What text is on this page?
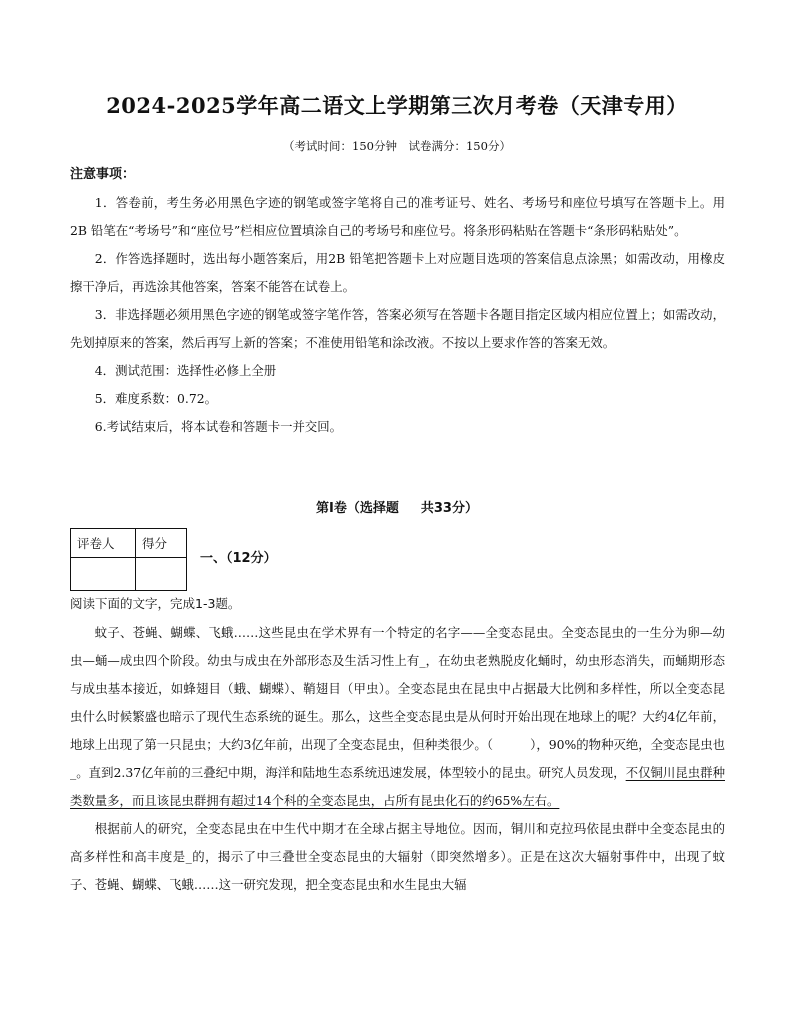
2024-2025学年高二语文上学期第三次月考卷（天津专用）
（考试时间：150分钟　试卷满分：150分）
注意事项：

1．答卷前，考生务必用黑色字迹的钢笔或签字笔将自己的准考证号、姓名、考场号和座位号填写在答题卡上。用 2B 铅笔在“考场号”和“座位号”栏相应位置填涂自己的考场号和座位号。将条形码粘贴在答题卡“条形码粘贴处”。

2．作答选择题时，选出每小题答案后，用2B 铅笔把答题卡上对应题目选项的答案信息点涂黑；如需改动，用橡皮擦干净后，再选涂其他答案，答案不能答在试卷上。

3．非选择题必须用黑色字迹的钢笔或签字笔作答，答案必须写在答题卡各题目指定区域内相应位置上；如需改动，先划掉原来的答案，然后再写上新的答案；不准使用铅笔和涂改液。不按以上要求作答的答案无效。

4．测试范围：选择性必修上全册

5．难度系数：0.72。

6.考试结束后，将本试卷和答题卡一并交回。

第Ⅰ卷（选择题 共33分）
评卷人	得分

一、（12分）
阅读下面的文字，完成1-3题。

蚊子、苍蝇、蝴蝶、飞蛾……这些昆虫在学术界有一个特定的名字——全变态昆虫。全变态昆虫的一生分为卵—幼虫—蛹—成虫四个阶段。幼虫与成虫在外部形态及生活习性上有_，在幼虫老熟脱皮化蛹时，幼虫形态消失，而蛹期形态与成虫基本接近，如蜂翅目（蛾、蝴蝶）、鞘翅目（甲虫）。全变态昆虫在昆虫中占据最大比例和多样性，所以全变态昆虫什么时候繁盛也暗示了现代生态系统的诞生。那么，这些全变态昆虫是从何时开始出现在地球上的呢？大约4亿年前，地球上出现了第一只昆虫；大约3亿年前，出现了全变态昆虫，但种类很少。（　　　），90%的物种灭绝，全变态昆虫也_。直到2.37亿年前的三叠纪中期，海洋和陆地生态系统迅速发展，体型较小的昆虫。研究人员发现，不仅铜川昆虫群种类数量多，而且该昆虫群拥有超过14个科的全变态昆虫，占所有昆虫化石的约65%左右。

根据前人的研究，全变态昆虫在中生代中期才在全球占据主导地位。因而，铜川和克拉玛依昆虫群中全变态昆虫的高多样性和高丰度是_的，揭示了中三叠世全变态昆虫的大辐射（即突然增多）。正是在这次大辐射事件中，出现了蚊子、苍蝇、蝴蝶、飞蛾……这一研究发现，把全变态昆虫和水生昆虫大辐
